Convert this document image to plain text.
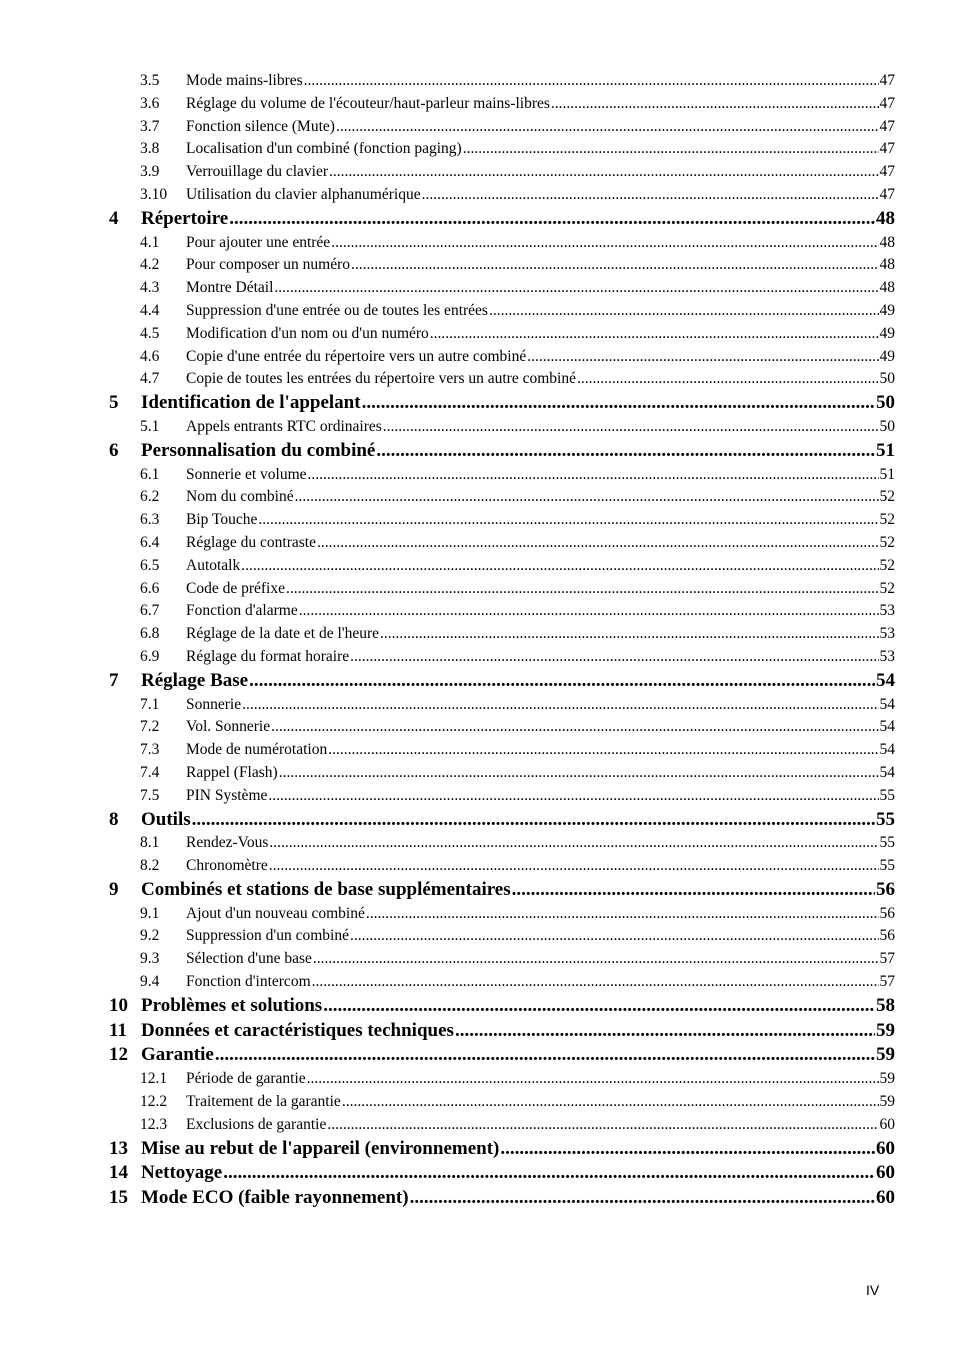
3.5	Mode mains-libres .....	47
3.6	Réglage du volume de l'écouteur/haut-parleur mains-libres .....	47
3.7	Fonction silence (Mute) .....	47
3.8	Localisation d'un combiné (fonction paging) .....	47
3.9	Verrouillage du clavier .....	47
3.10	Utilisation du clavier alphanumérique .....	47
4	Répertoire .....	48
4.1	Pour ajouter une entrée .....	48
4.2	Pour composer un numéro .....	48
4.3	Montre Détail .....	48
4.4	Suppression d'une entrée ou de toutes les entrées .....	49
4.5	Modification d'un nom ou d'un numéro .....	49
4.6	Copie d'une entrée du répertoire vers un autre combiné .....	49
4.7	Copie de toutes les entrées du répertoire vers un autre combiné .....	50
5	Identification de l'appelant .....	50
5.1	Appels entrants RTC ordinaires .....	50
6	Personnalisation du combiné .....	51
6.1	Sonnerie et volume .....	51
6.2	Nom du combiné .....	52
6.3	Bip Touche .....	52
6.4	Réglage du contraste .....	52
6.5	Autotalk .....	52
6.6	Code de préfixe .....	52
6.7	Fonction d'alarme .....	53
6.8	Réglage de la date et de l'heure .....	53
6.9	Réglage du format horaire .....	53
7	Réglage Base .....	54
7.1	Sonnerie .....	54
7.2	Vol. Sonnerie .....	54
7.3	Mode de numérotation .....	54
7.4	Rappel (Flash) .....	54
7.5	PIN Système .....	55
8	Outils .....	55
8.1	Rendez-Vous .....	55
8.2	Chronomètre .....	55
9	Combinés et stations de base supplémentaires .....	56
9.1	Ajout d'un nouveau combiné .....	56
9.2	Suppression d'un combiné .....	56
9.3	Sélection d'une base .....	57
9.4	Fonction d'intercom .....	57
10 Problèmes et solutions .....	58
11 Données et caractéristiques techniques .....	59
12 Garantie .....	59
12.1	Période de garantie .....	59
12.2	Traitement de la garantie .....	59
12.3	Exclusions de garantie .....	60
13 Mise au rebut de l'appareil (environnement) .....	60
14 Nettoyage .....	60
15 Mode ECO (faible rayonnement) .....	60
IV
